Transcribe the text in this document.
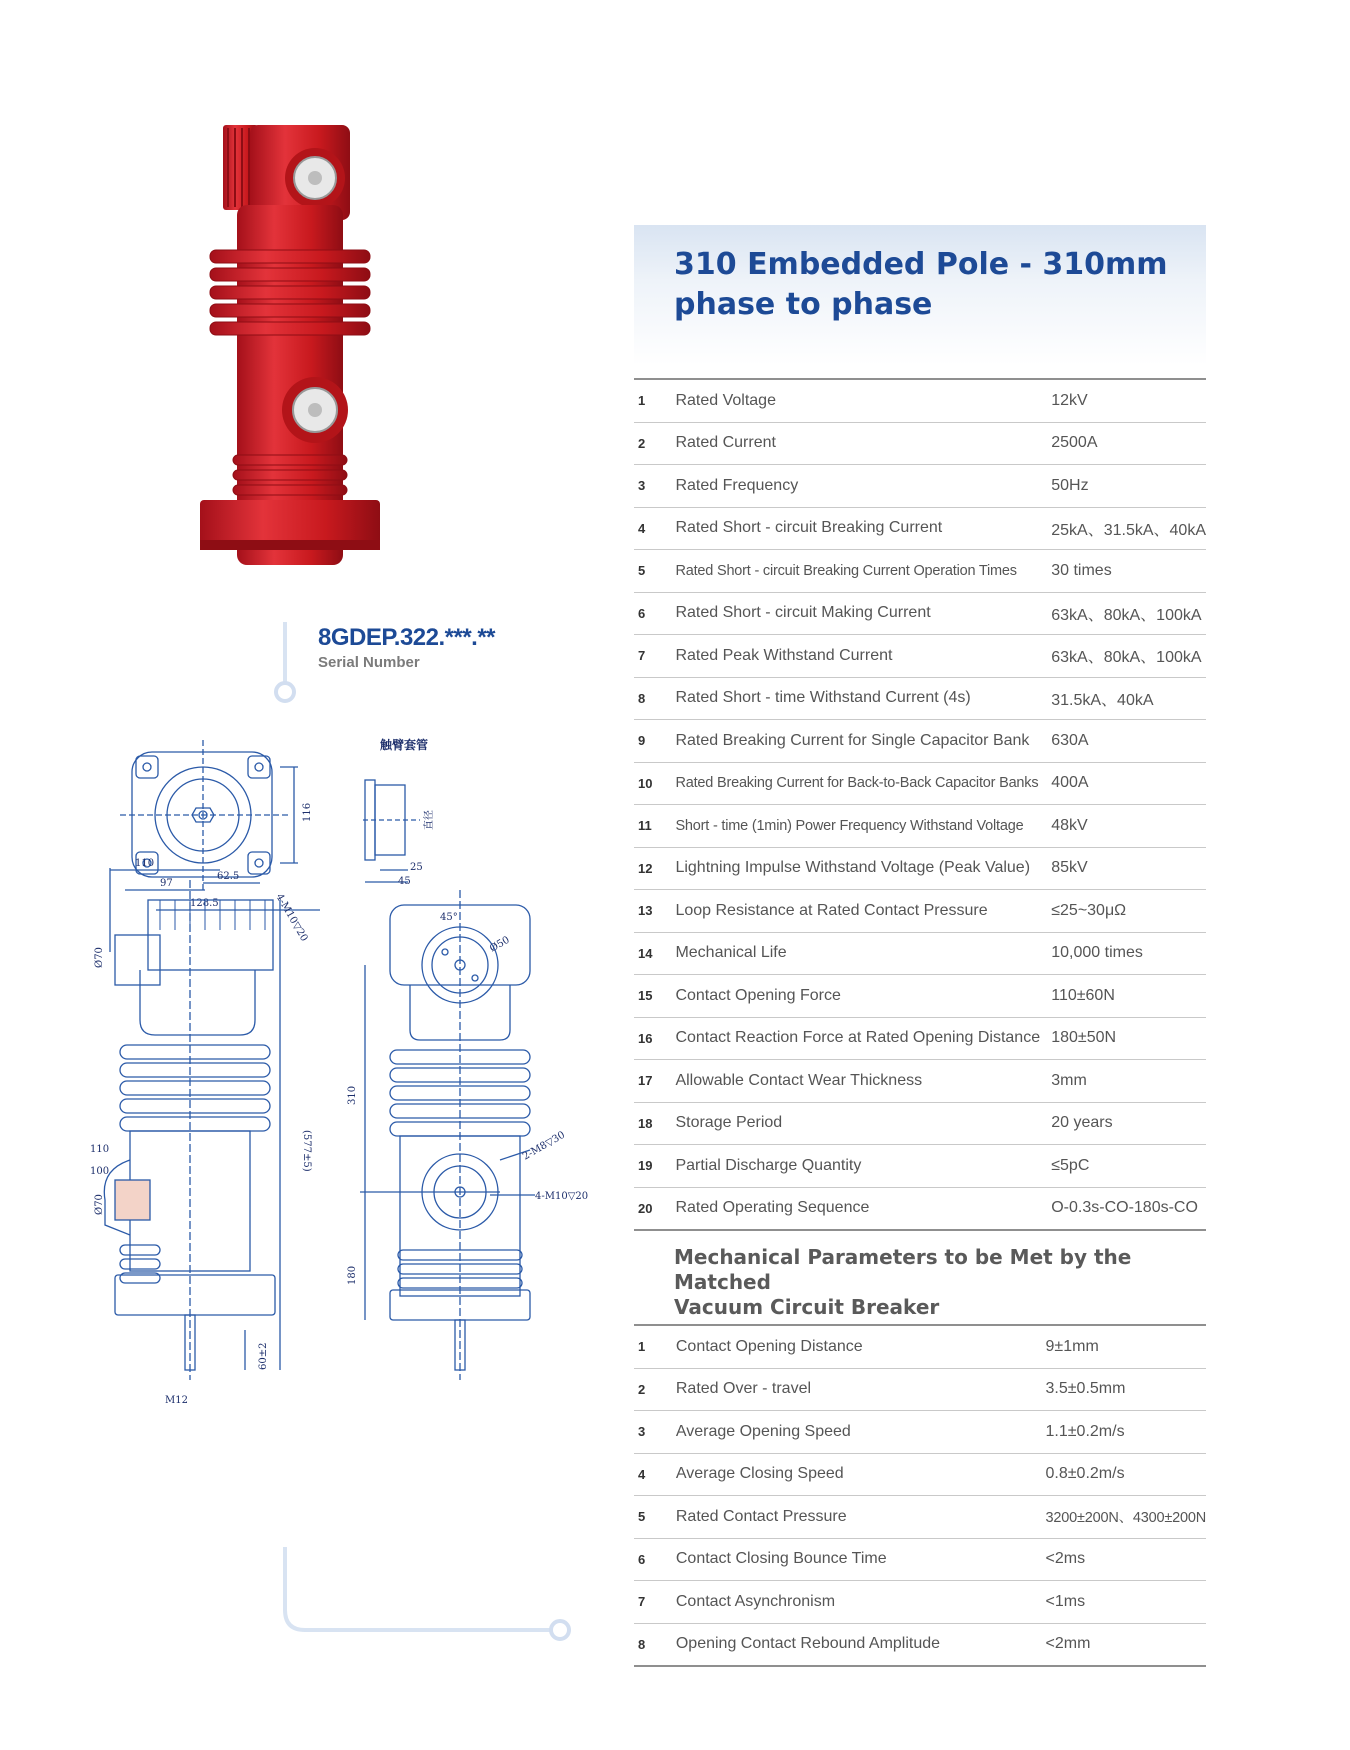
8GDEP.322.***.**
Serial Number
触臂套管
116
62.5
128.5	4-M10▽20
25
45
直径
110
97
Ø70
(577±5)
110
100
Ø70
60±2
M12
45°
Ø50
310
2-M8▽30
4-M10▽20
180
310 Embedded Pole - 310mm
phase to phase
1	Rated Voltage	12kV
2	Rated Current	2500A
3	Rated Frequency	50Hz
4	Rated Short - circuit Breaking Current	25kA、31.5kA、40kA
5	Rated Short - circuit Breaking Current Operation Times	30 times
6	Rated Short - circuit Making Current	63kA、80kA、100kA
7	Rated Peak Withstand Current	63kA、80kA、100kA
8	Rated Short - time Withstand Current (4s)	31.5kA、40kA
9	Rated Breaking Current for Single Capacitor Bank	630A
10	Rated Breaking Current for Back-to-Back Capacitor Banks	400A
11	Short - time (1min) Power Frequency Withstand Voltage	48kV
12	Lightning Impulse Withstand Voltage (Peak Value)	85kV
13	Loop Resistance at Rated Contact Pressure	≤25~30μΩ
14	Mechanical Life	10,000 times
15	Contact Opening Force	110±60N
16	Contact Reaction Force at Rated Opening Distance	180±50N
17	Allowable Contact Wear Thickness	3mm
18	Storage Period	20 years
19	Partial Discharge Quantity	≤5pC
20	Rated Operating Sequence	O-0.3s-CO-180s-CO
Mechanical Parameters to be Met by the Matched
Vacuum Circuit Breaker
1	Contact Opening Distance	9±1mm
2	Rated Over - travel	3.5±0.5mm
3	Average Opening Speed	1.1±0.2m/s
4	Average Closing Speed	0.8±0.2m/s
5	Rated Contact Pressure	3200±200N、4300±200N
6	Contact Closing Bounce Time	<2ms
7	Contact Asynchronism	<1ms
8	Opening Contact Rebound Amplitude	<2mm
